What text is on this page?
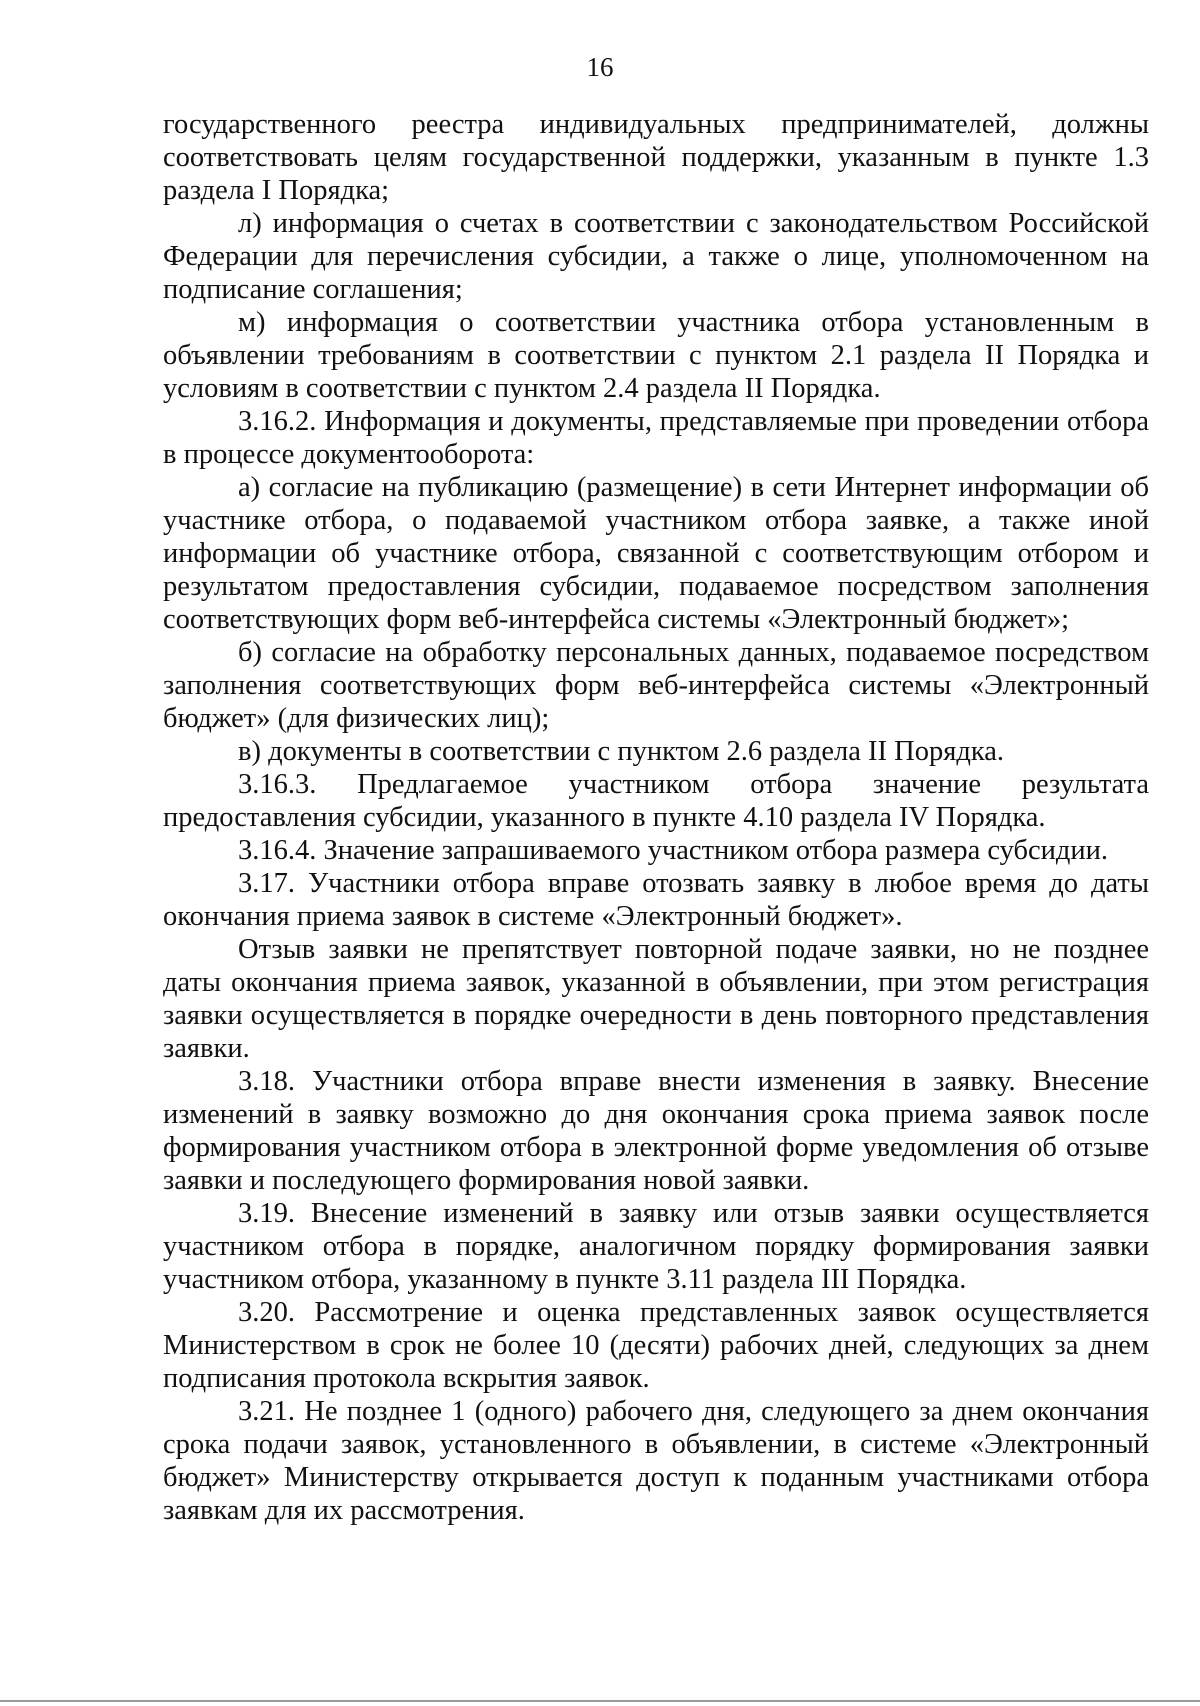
16

государственного реестра индивидуальных предпринимателей, должны соответствовать целям государственной поддержки, указанным в пункте 1.3 раздела I Порядка;

л) информация о счетах в соответствии с законодательством Российской Федерации для перечисления субсидии, а также о лице, уполномоченном на подписание соглашения;

м) информация о соответствии участника отбора установленным в объявлении требованиям в соответствии с пунктом 2.1 раздела II Порядка и условиям в соответствии с пунктом 2.4 раздела II Порядка.

3.16.2. Информация и документы, представляемые при проведении отбора в процессе документооборота:

а) согласие на публикацию (размещение) в сети Интернет информации об участнике отбора, о подаваемой участником отбора заявке, а также иной информации об участнике отбора, связанной с соответствующим отбором и результатом предоставления субсидии, подаваемое посредством заполнения соответствующих форм веб-интерфейса системы «Электронный бюджет»;

б) согласие на обработку персональных данных, подаваемое посредством заполнения соответствующих форм веб-интерфейса системы «Электронный бюджет» (для физических лиц);

в) документы в соответствии с пунктом 2.6 раздела II Порядка.

3.16.3. Предлагаемое участником отбора значение результата предоставления субсидии, указанного в пункте 4.10 раздела IV Порядка.

3.16.4. Значение запрашиваемого участником отбора размера субсидии.

3.17. Участники отбора вправе отозвать заявку в любое время до даты окончания приема заявок в системе «Электронный бюджет».

Отзыв заявки не препятствует повторной подаче заявки, но не позднее даты окончания приема заявок, указанной в объявлении, при этом регистрация заявки осуществляется в порядке очередности в день повторного представления заявки.

3.18. Участники отбора вправе внести изменения в заявку. Внесение изменений в заявку возможно до дня окончания срока приема заявок после формирования участником отбора в электронной форме уведомления об отзыве заявки и последующего формирования новой заявки.

3.19. Внесение изменений в заявку или отзыв заявки осуществляется участником отбора в порядке, аналогичном порядку формирования заявки участником отбора, указанному в пункте 3.11 раздела III Порядка.

3.20. Рассмотрение и оценка представленных заявок осуществляется Министерством в срок не более 10 (десяти) рабочих дней, следующих за днем подписания протокола вскрытия заявок.

3.21. Не позднее 1 (одного) рабочего дня, следующего за днем окончания срока подачи заявок, установленного в объявлении, в системе «Электронный бюджет» Министерству открывается доступ к поданным участниками отбора заявкам для их рассмотрения.
